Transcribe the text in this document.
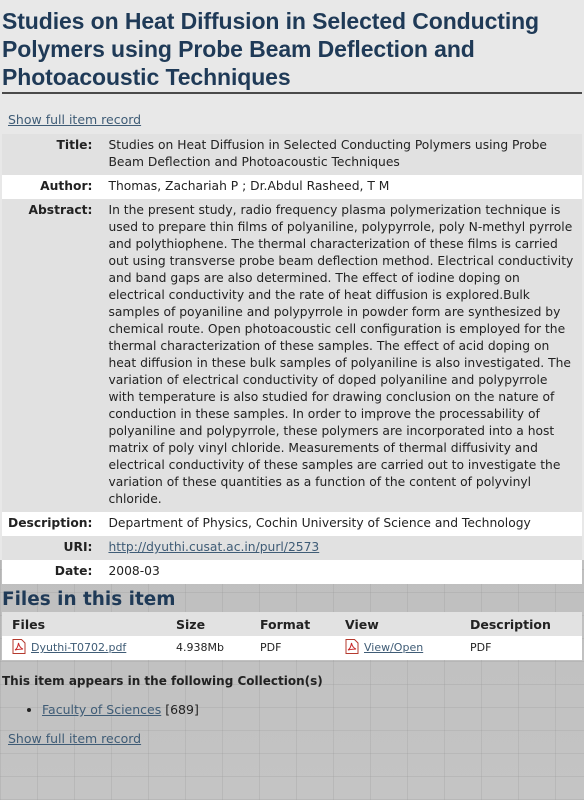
Studies on Heat Diffusion in Selected Conducting Polymers using Probe Beam Deflection and Photoacoustic Techniques
Show full item record
Title:	Studies on Heat Diffusion in Selected Conducting Polymers using Probe Beam Deflection and Photoacoustic Techniques
Author:	Thomas, Zachariah P ; Dr.Abdul Rasheed, T M
Abstract:	In the present study, radio frequency plasma polymerization technique is used to prepare thin films of polyaniline, polypyrrole, poly N-methyl pyrrole and polythiophene. The thermal characterization of these films is carried out using transverse probe beam deflection method. Electrical conductivity and band gaps are also determined. The effect of iodine doping on electrical conductivity and the rate of heat diffusion is explored.Bulk samples of poyaniline and polypyrrole in powder form are synthesized by chemical route. Open photoacoustic cell configuration is employed for the thermal characterization of these samples. The effect of acid doping on heat diffusion in these bulk samples of polyaniline is also investigated. The variation of electrical conductivity of doped polyaniline and polypyrrole with temperature is also studied for drawing conclusion on the nature of conduction in these samples. In order to improve the processability of polyaniline and polypyrrole, these polymers are incorporated into a host matrix of poly vinyl chloride. Measurements of thermal diffusivity and electrical conductivity of these samples are carried out to investigate the variation of these quantities as a function of the content of polyvinyl chloride.
Description:	Department of Physics, Cochin University of Science and Technology
URI:	http://dyuthi.cusat.ac.in/purl/2573
Date:	2008-03
Files in this item
Files	Size	Format	View	Description
Dyuthi-T0702.pdf	4.938Mb	PDF	View/Open	PDF
This item appears in the following Collection(s)
• Faculty of Sciences [689]
Show full item record
